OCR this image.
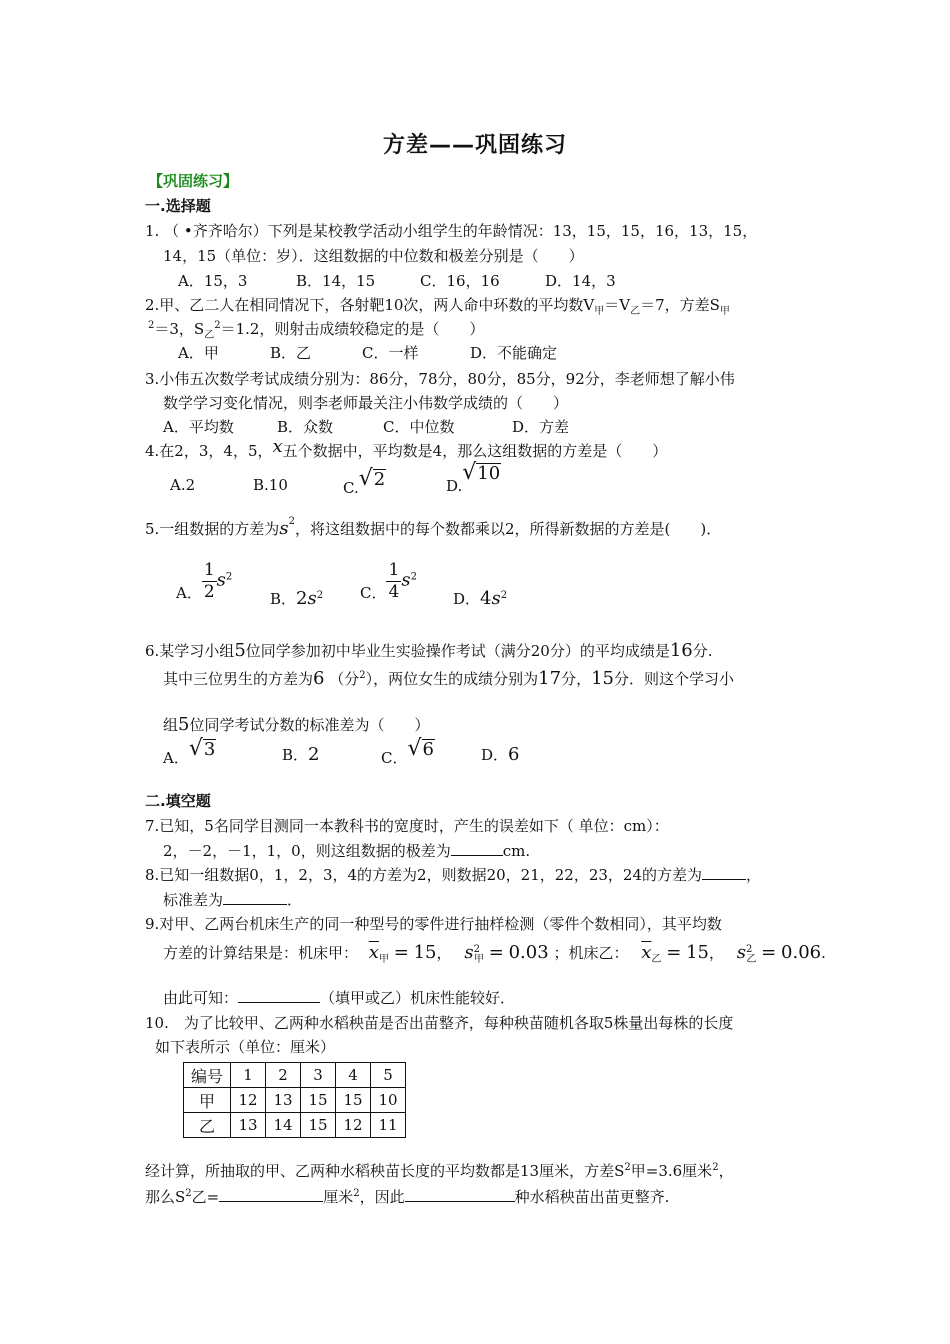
方差——巩固练习
【巩固练习】
一.选择题
1. （ •齐齐哈尔）下列是某校教学活动小组学生的年龄情况：13，15，15，16，13，15，
14，15（单位：岁）．这组数据的中位数和极差分别是（　　）
A．15，3	B．14，15	C．16，16	D．14，3
2.甲、乙二人在相同情况下，各射靶10次，两人命中环数的平均数$V_甲=V_乙=7$，方差$S_甲$
$^2$＝3，$S_乙^2=1.2$，则射击成绩较稳定的是（　　）
A．甲	B．乙	C．一样	D．不能确定
3.小伟五次数学考试成绩分别为：86分，78分，80分，85分，92分，李老师想了解小伟
数学学习变化情况，则李老师最关注小伟数学成绩的（　　）
A．平均数	B．众数	C．中位数	D．方差
4.在2，3，4，5，x五个数据中，平均数是4，那么这组数据的方差是（　　）
A.2	B.10	C. √ 2	D.
√ 10
5.一组数据的方差为$s^2$，将这组数据中的每个数都乘以2，所得新数据的方差是(　　)．
A． $\frac{1}{2} s^2$
B．$2s^2$ C． $\frac{1}{4} s^2$
D．$4s^2$
6.某学习小组5位同学参加初中毕业生实验操作考试（满分20分）的平均成绩是16分.
其中三位男生的方差为6 （分$^2$），两位女生的成绩分别为17分，15分．则这个学习小
组5位同学考试分数的标准差为（　　）
A． √ 3	B．2	C． √ 6	D．6
二.填空题
7.已知，5名同学目测同一本教科书的宽度时，产生的误差如下（ 单位：cm）：
2，－2，－1，1，0，则这组数据的极差为	cm.
8.已知一组数据0，1，2，3，4的方差为2，则数据20，21，22，23，24的方差为	，
标准差为	．
9.对甲、乙两台机床生产的同一种型号的零件进行抽样检测（零件个数相同），其平均数
方差的计算结果是：机床甲： $\overline{x}_甲 = 15$， $s^2_甲 = 0.03$ ；机床乙： $\overline{x}_乙 = 15$， $s^2_乙 = 0.06$.
由此可知：	（填甲或乙）机床性能较好．
10.　为了比较甲、乙两种水稻秧苗是否出苗整齐，每种秧苗随机各取5株量出每株的长度
如下表所示（单位：厘米）
编号	1	2	3	4	5
甲	12	13	15	15	10
乙	13	14	15	12	11
经计算，所抽取的甲、乙两种水稻秧苗长度的平均数都是13厘米，方差$S^2$甲=3.6厘米$^2$，
那么$S^2$乙=	厘米$^2$，因此	种水稻秧苗出苗更整齐.
